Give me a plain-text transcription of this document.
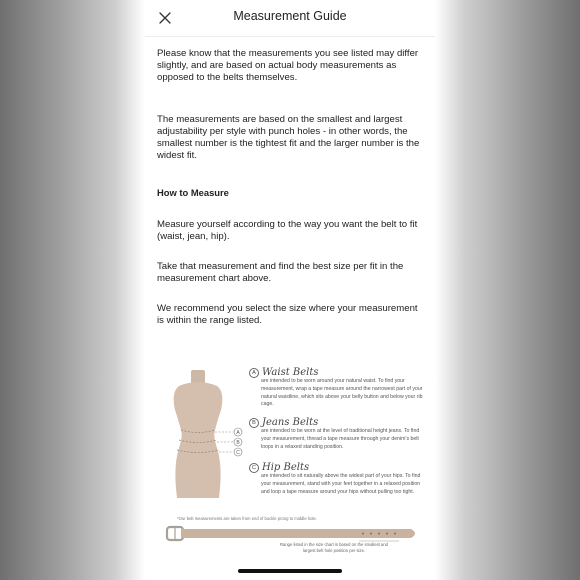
Measurement Guide

Please know that the measurements you see listed may differ slightly, and are based on actual body measurements as opposed to the belts themselves.

The measurements are based on the smallest and largest adjustability per style with punch holes - in other words, the smallest number is the tightest fit and the larger number is the widest fit.

How to Measure

Measure yourself according to the way you want the belt to fit (waist, jean, hip).

Take that measurement and find the best size per fit in the measurement chart above.

We recommend you select the size where your measurement is within the range listed.

A
B
C
A Waist Belts
are intended to be worn around your natural waist. To find your measurement, wrap a tape measure around the narrowest part of your natural waistline, which sits above your belly button and below your rib cage.
B Jeans Belts
are intended to be worn at the level of traditional height jeans. To find your measurement, thread a tape measure through your denim's belt loops in a relaxed standing position.
C Hip Belts
are intended to sit naturally above the widest part of your hips. To find your measurement, stand with your feet together in a relaxed position and loop a tape measure around your hips without pulling too tight.
*Our belt measurements are taken from end of buckle prong to middle hole.
Range listed in the size chart is based on the smallest and largest belt hole position per size.
